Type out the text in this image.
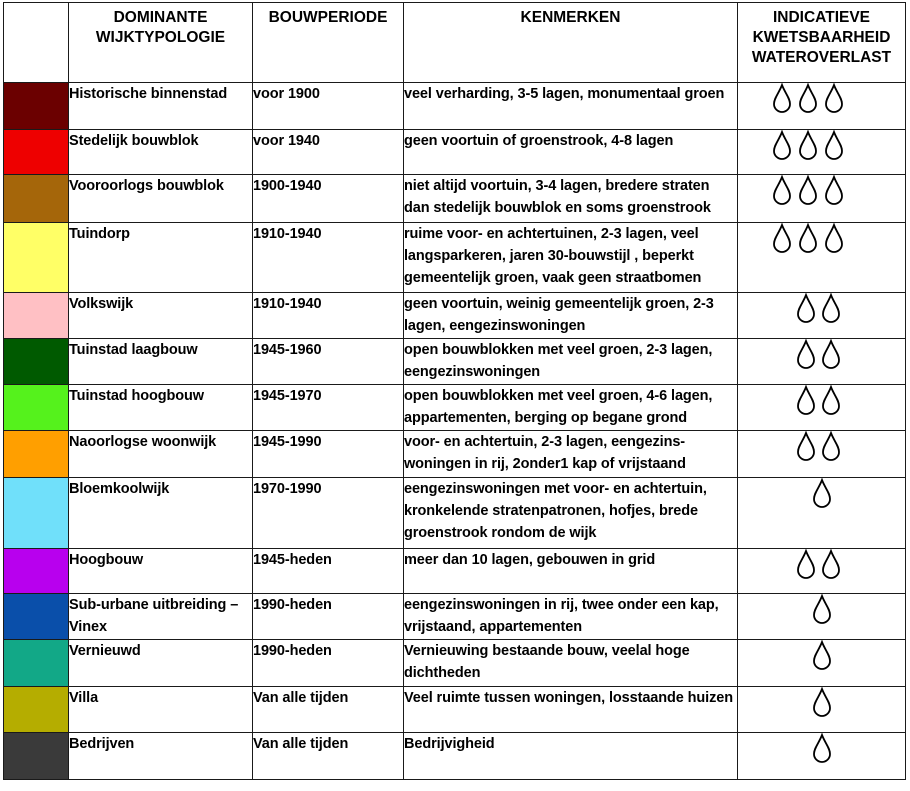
	DOMINANTE
WIJKTYPOLOGIE	BOUWPERIODE	KENMERKEN	INDICATIEVE
KWETSBAARHEID
WATEROVERLAST
	Historische binnenstad	voor 1900	veel verharding, 3-5 lagen, monumentaal groen	

	Stedelijk bouwblok	voor 1940	geen voortuin of groenstrook, 4-8 lagen	

	Vooroorlogs bouwblok	1900-1940	niet altijd voortuin, 3-4 lagen, bredere straten dan stedelijk bouwblok en soms groenstrook	

	Tuindorp	1910-1940	ruime voor- en achtertuinen, 2-3 lagen, veel langsparkeren, jaren 30-bouwstijl , beperkt gemeentelijk groen, vaak geen straatbomen	

	Volkswijk	1910-1940	geen voortuin, weinig gemeentelijk groen, 2-3 lagen, eengezinswoningen	

	Tuinstad laagbouw	1945-1960	open bouwblokken met veel groen, 2-3 lagen, eengezinswoningen	

	Tuinstad hoogbouw	1945-1970	open bouwblokken met veel groen, 4-6 lagen, appartementen, berging op begane grond	

	Naoorlogse woonwijk	1945-1990	voor- en achtertuin, 2-3 lagen, eengezins-woningen in rij, 2onder1 kap of vrijstaand	

	Bloemkoolwijk	1970-1990	eengezinswoningen met voor- en achtertuin, kronkelende stratenpatronen, hofjes, brede groenstrook rondom de wijk	

	Hoogbouw	1945-heden	meer dan 10 lagen, gebouwen in grid	

	Sub-urbane uitbreiding – Vinex	1990-heden	eengezinswoningen in rij, twee onder een kap, vrijstaand, appartementen	

	Vernieuwd	1990-heden	Vernieuwing bestaande bouw, veelal hoge dichtheden	

	Villa	Van alle tijden	Veel ruimte tussen woningen, losstaande huizen	

	Bedrijven	Van alle tijden	Bedrijvigheid	
